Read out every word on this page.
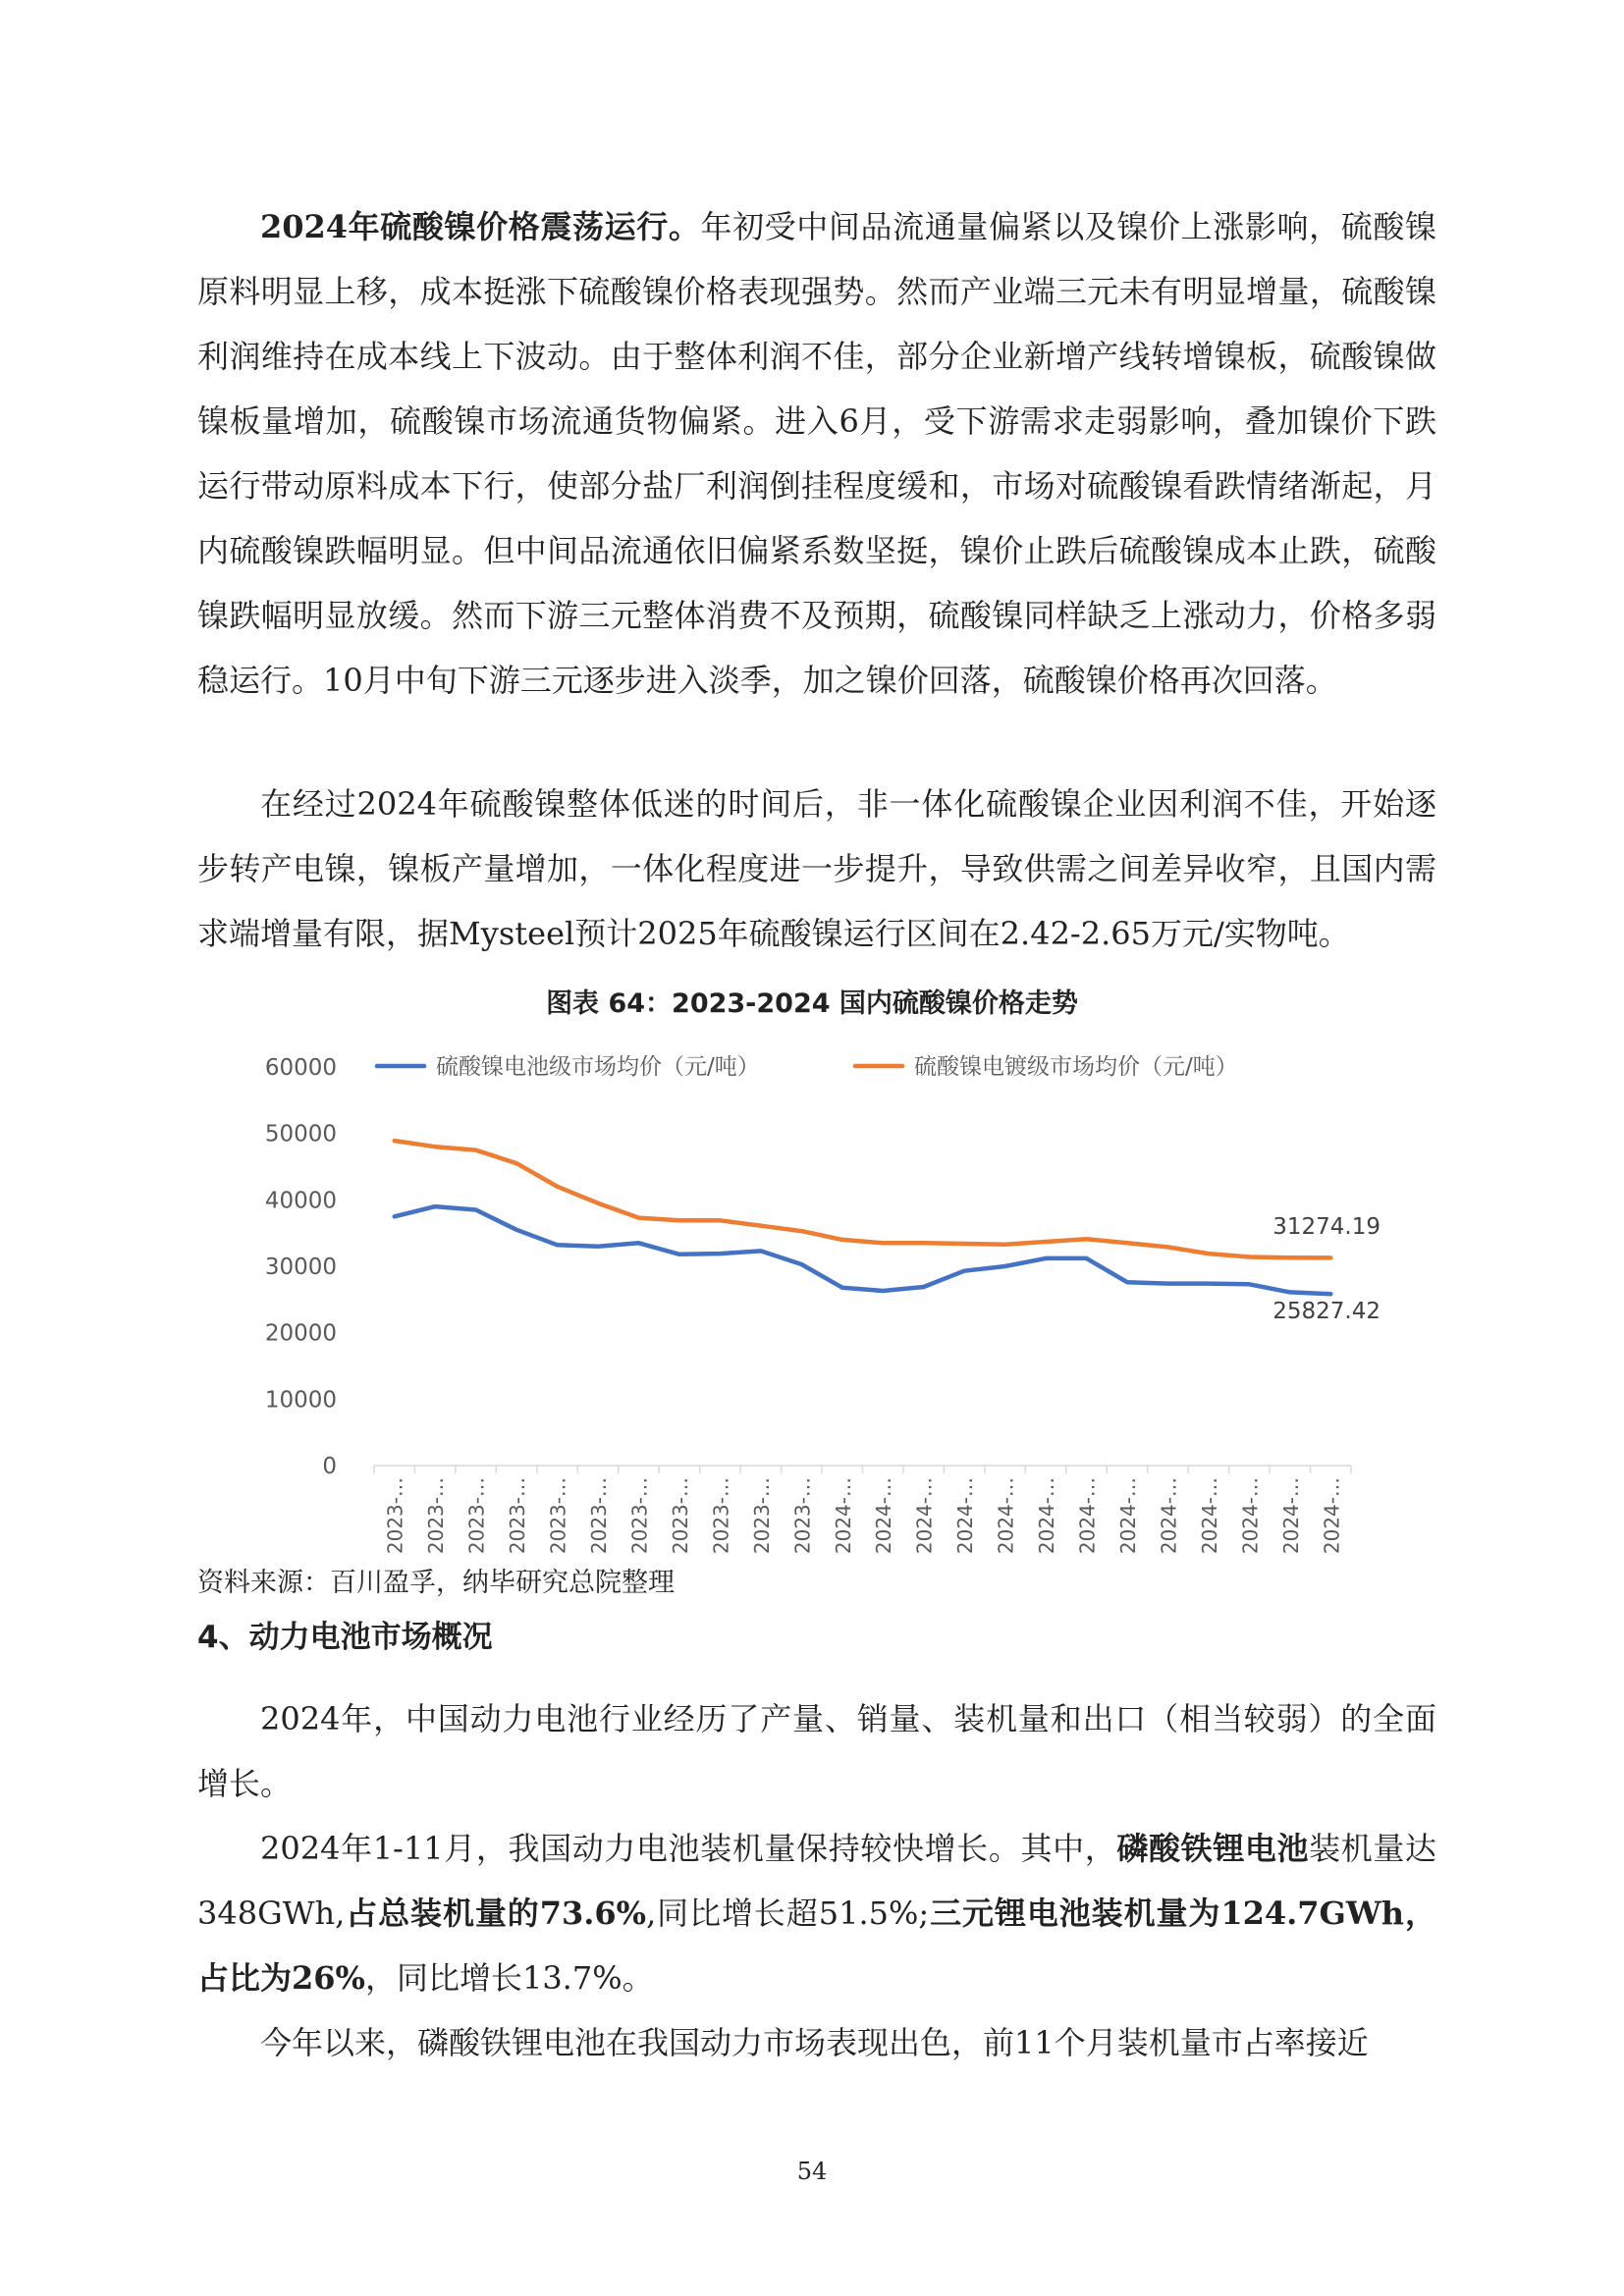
2024年硫酸镍价格震荡运行。年初受中间品流通量偏紧以及镍价上涨影响，硫酸镍原料明显上移，成本挺涨下硫酸镍价格表现强势。然而产业端三元未有明显增量，硫酸镍利润维持在成本线上下波动。由于整体利润不佳，部分企业新增产线转增镍板，硫酸镍做镍板量增加，硫酸镍市场流通货物偏紧。进入6月，受下游需求走弱影响，叠加镍价下跌运行带动原料成本下行，使部分盐厂利润倒挂程度缓和，市场对硫酸镍看跌情绪渐起，月内硫酸镍跌幅明显。但中间品流通依旧偏紧系数坚挺，镍价止跌后硫酸镍成本止跌，硫酸镍跌幅明显放缓。然而下游三元整体消费不及预期，硫酸镍同样缺乏上涨动力，价格多弱稳运行。10月中旬下游三元逐步进入淡季，加之镍价回落，硫酸镍价格再次回落。

在经过2024年硫酸镍整体低迷的时间后，非一体化硫酸镍企业因利润不佳，开始逐步转产电镍，镍板产量增加，一体化程度进一步提升，导致供需之间差异收窄，且国内需求端增量有限，据Mysteel预计2025年硫酸镍运行区间在2.42-2.65万元/实物吨。

图表 64：2023-2024 国内硫酸镍价格走势
0
10000
20000
30000
40000
50000
60000
2023-… 2023-… 2023-… 2023-… 2023-… 2023-… 2023-… 2023-… 2023-… 2023-… 2023-… 2024-… 2024-… 2024-… 2024-… 2024-… 2024-… 2024-… 2024-… 2024-… 2024-… 2024-… 2024-… 2024-…
硫酸镍电池级市场均价（元/吨）	硫酸镍电镀级市场均价（元/吨）
31274.19
25827.42
资料来源：百川盈孚，纳毕研究总院整理
4、动力电池市场概况

2024年，中国动力电池行业经历了产量、销量、装机量和出口（相当较弱）的全面增长。

2024年1-11月，我国动力电池装机量保持较快增长。其中，磷酸铁锂电池装机量达348GWh,占总装机量的73.6%,同比增长超51.5%;三元锂电池装机量为124.7GWh，占比为26%，同比增长13.7%。

今年以来，磷酸铁锂电池在我国动力市场表现出色，前11个月装机量市占率接近

54
